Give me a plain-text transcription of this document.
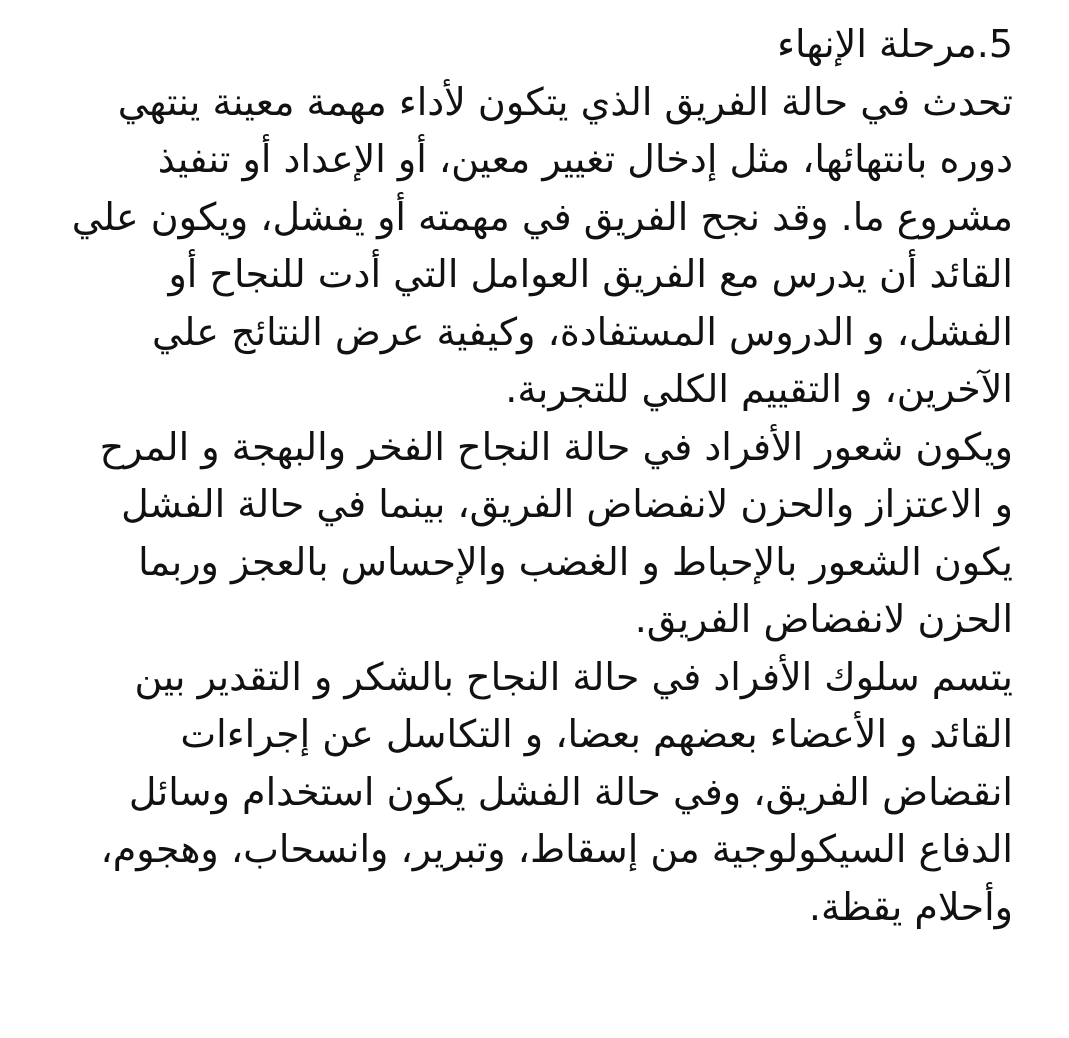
5.مرحلة الإنهاء
تحدث في حالة الفريق الذي يتكون لأداء مهمة معينة ينتهي
دوره بانتهائها، مثل إدخال تغيير معين، أو الإعداد أو تنفيذ
مشروع ما. وقد نجح الفريق في مهمته أو يفشل، ويكون علي
القائد أن يدرس مع الفريق العوامل التي أدت للنجاح أو
الفشل، و الدروس المستفادة، وكيفية عرض النتائج علي
الآخرين، و التقييم الكلي للتجربة.
ويكون شعور الأفراد في حالة النجاح الفخر والبهجة و المرح
و الاعتزاز والحزن لانفضاض الفريق، بينما في حالة الفشل
يكون الشعور بالإحباط و الغضب والإحساس بالعجز وربما
الحزن لانفضاض الفريق.
يتسم سلوك الأفراد في حالة النجاح بالشكر و التقدير بين
القائد و الأعضاء بعضهم بعضا، و التكاسل عن إجراءات
انقضاض الفريق، وفي حالة الفشل يكون استخدام وسائل
الدفاع السيكولوجية من إسقاط، وتبرير، وانسحاب، وهجوم،
وأحلام يقظة.
